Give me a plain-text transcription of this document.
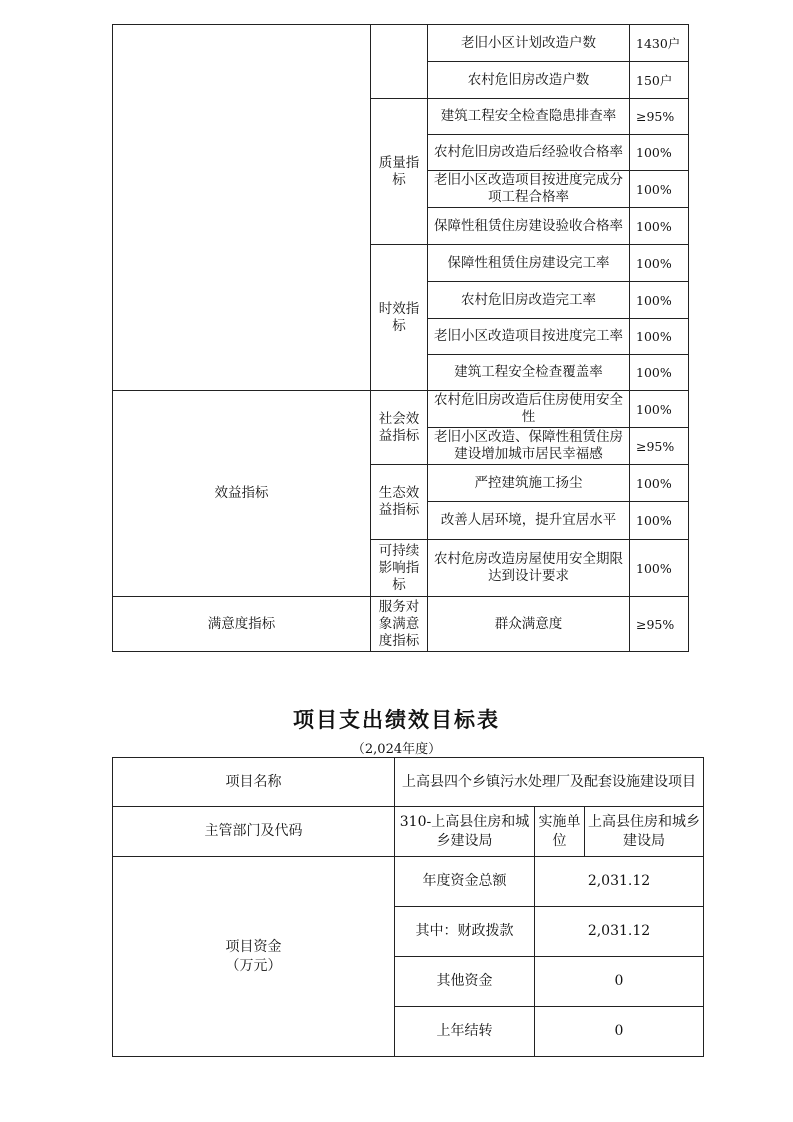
		老旧小区计划改造户数	1430户
		农村危旧房改造户数	150户
	质量指标	建筑工程安全检查隐患排查率	≥95%
		农村危旧房改造后经验收合格率	100%
		老旧小区改造项目按进度完成分项工程合格率	100%
		保障性租赁住房建设验收合格率	100%
	时效指标	保障性租赁住房建设完工率	100%
		农村危旧房改造完工率	100%
		老旧小区改造项目按进度完工率	100%
		建筑工程安全检查覆盖率	100%
效益指标	社会效益指标	农村危旧房改造后住房使用安全性	100%
		老旧小区改造、保障性租赁住房建设增加城市居民幸福感	≥95%
	生态效益指标	严控建筑施工扬尘	100%
		改善人居环境，提升宜居水平	100%
	可持续影响指标	农村危房改造房屋使用安全期限达到设计要求	100%
满意度指标	服务对象满意度指标	群众满意度	≥95%
项目支出绩效目标表
（2,024年度）
项目名称	上高县四个乡镇污水处理厂及配套设施建设项目		
主管部门及代码	310-上高县住房和城乡建设局	实施单位	上高县住房和城乡建设局

项目资金
（万元）	年度资金总额	2,031.12	
	其中：财政拨款	2,031.12	
	其他资金	0	
	上年结转	0	
